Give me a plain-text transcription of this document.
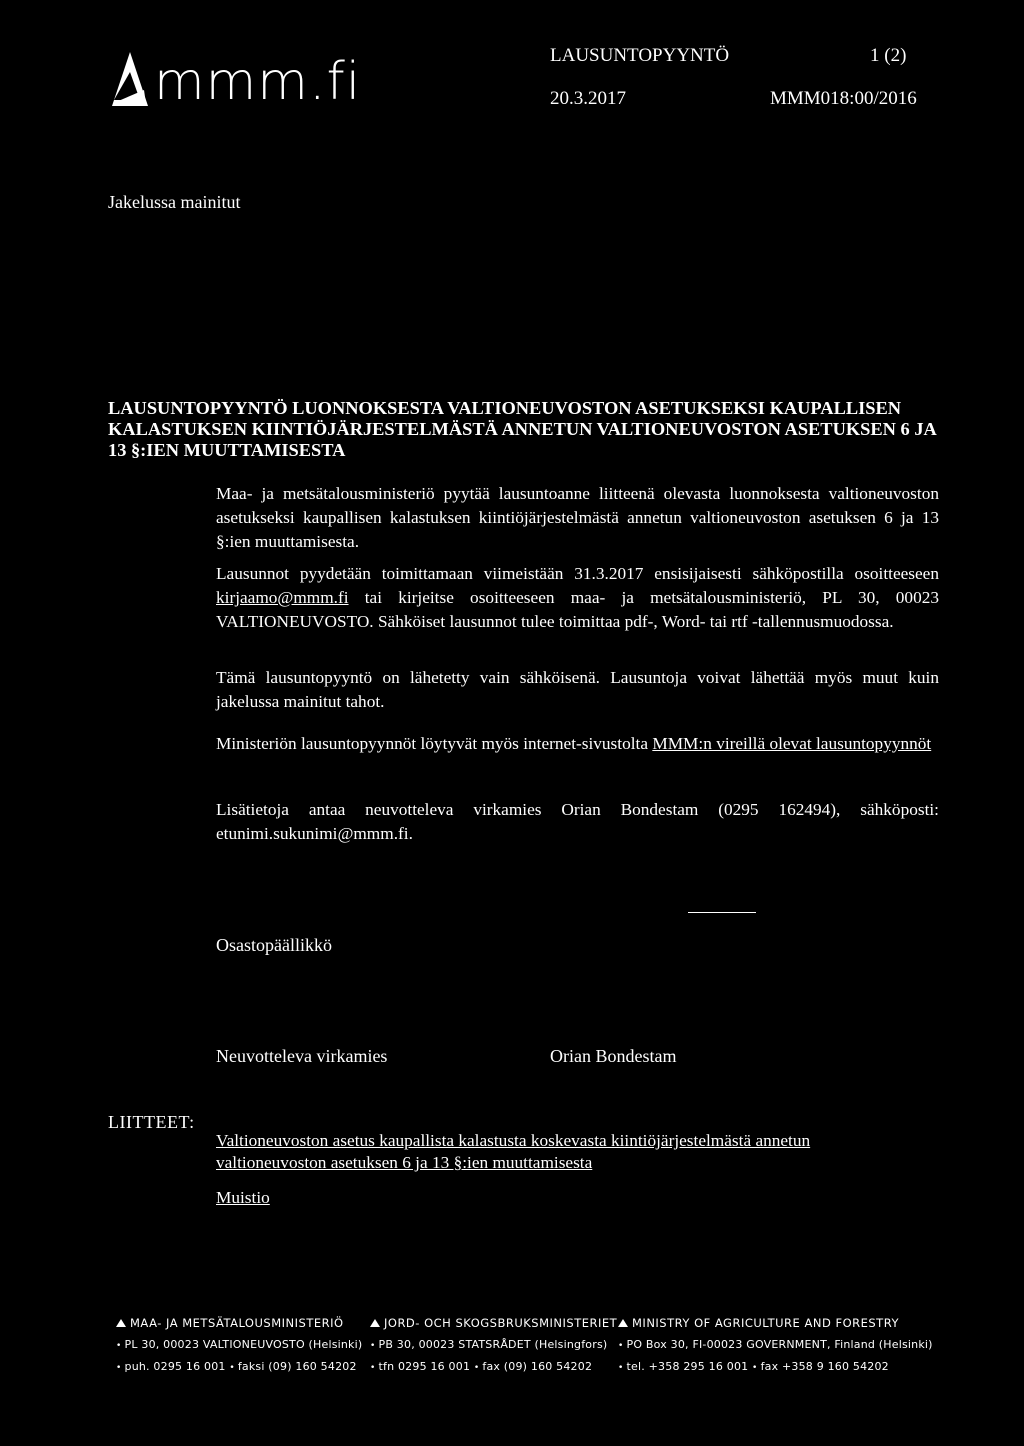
mmm.fi	LAUSUNTOPYYNTÖ	1 (2)
20.3.2017	MMM018:00/2016
Jakelussa mainitut
LAUSUNTOPYYNTÖ LUONNOKSESTA VALTIONEUVOSTON ASETUKSEKSI KAUPALLISEN KALASTUKSEN KIINTIÖJÄRJESTELMÄSTÄ ANNETUN VALTIONEUVOSTON ASETUKSEN 6 JA 13 §:IEN MUUTTAMISESTA

Maa- ja metsätalousministeriö pyytää lausuntoanne liitteenä olevasta luonnoksesta valtioneuvoston asetukseksi kaupallisen kalastuksen kiintiöjärjestelmästä annetun valtioneuvoston asetuksen 6 ja 13 §:ien muuttamisesta.

Lausunnot pyydetään toimittamaan viimeistään 31.3.2017 ensisijaisesti sähköpostilla osoitteeseen kirjaamo@mmm.fi tai kirjeitse osoitteeseen maa- ja metsätalousministeriö, PL 30, 00023 VALTIONEUVOSTO. Sähköiset lausunnot tulee toimittaa pdf-, Word- tai rtf -tallennusmuodossa.

Tämä lausuntopyyntö on lähetetty vain sähköisenä. Lausuntoja voivat lähettää myös muut kuin jakelussa mainitut tahot.

Ministeriön lausuntopyynnöt löytyvät myös internet-sivustolta MMM:n vireillä olevat lausuntopyynnöt

Lisätietoja antaa neuvotteleva virkamies Orian Bondestam (0295 162494), sähköposti: etunimi.sukunimi@mmm.fi.

Osastopäällikkö
Neuvotteleva virkamies	Orian Bondestam
LIITTEET:
Valtioneuvoston asetus kaupallista kalastusta koskevasta kiintiöjärjestelmästä annetun valtioneuvoston asetuksen 6 ja 13 §:ien muuttamisesta
Muistio
MAA- JA METSÄTALOUSMINISTERIÖ
• PL 30, 00023 VALTIONEUVOSTO (Helsinki)
• puh. 0295 16 001 • faksi (09) 160 54202
JORD- OCH SKOGSBRUKSMINISTERIET
• PB 30, 00023 STATSRÅDET (Helsingfors)
• tfn 0295 16 001 • fax (09) 160 54202
MINISTRY OF AGRICULTURE AND FORESTRY
• PO Box 30, FI-00023 GOVERNMENT, Finland (Helsinki)
• tel. +358 295 16 001 • fax +358 9 160 54202
